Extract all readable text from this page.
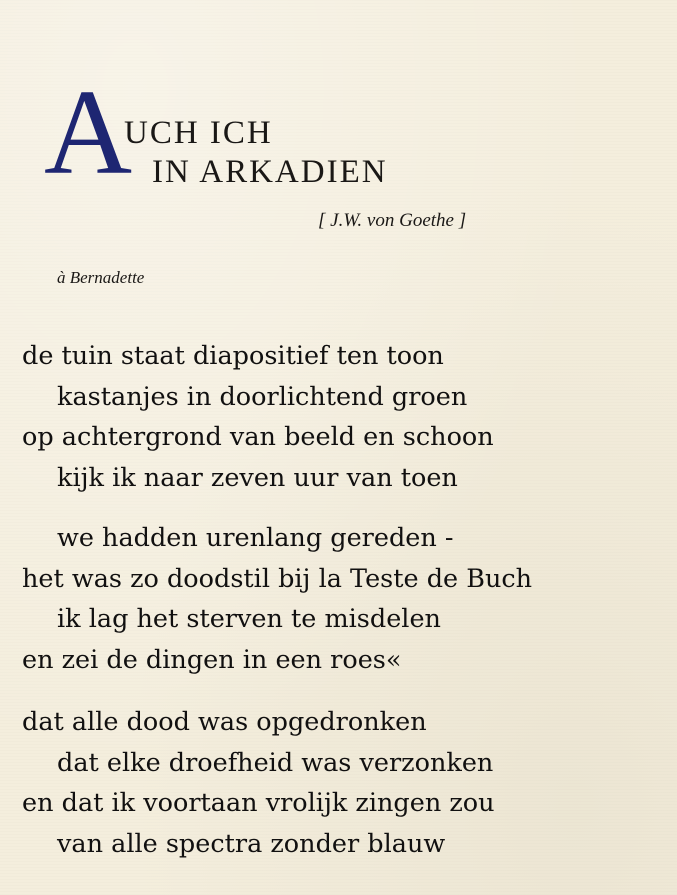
A
UCH ICH
IN ARKADIEN
[ J.W. von Goethe ]
à Bernadette
de tuin staat diapositief ten toon
kastanjes in doorlichtend groen
op achtergrond van beeld en schoon
kijk ik naar zeven uur van toen
we hadden urenlang gereden -
het was zo doodstil bij la Teste de Buch
ik lag het sterven te misdelen
en zei de dingen in een roes«
dat alle dood was opgedronken
dat elke droefheid was verzonken
en dat ik voortaan vrolijk zingen zou
van alle spectra zonder blauw
